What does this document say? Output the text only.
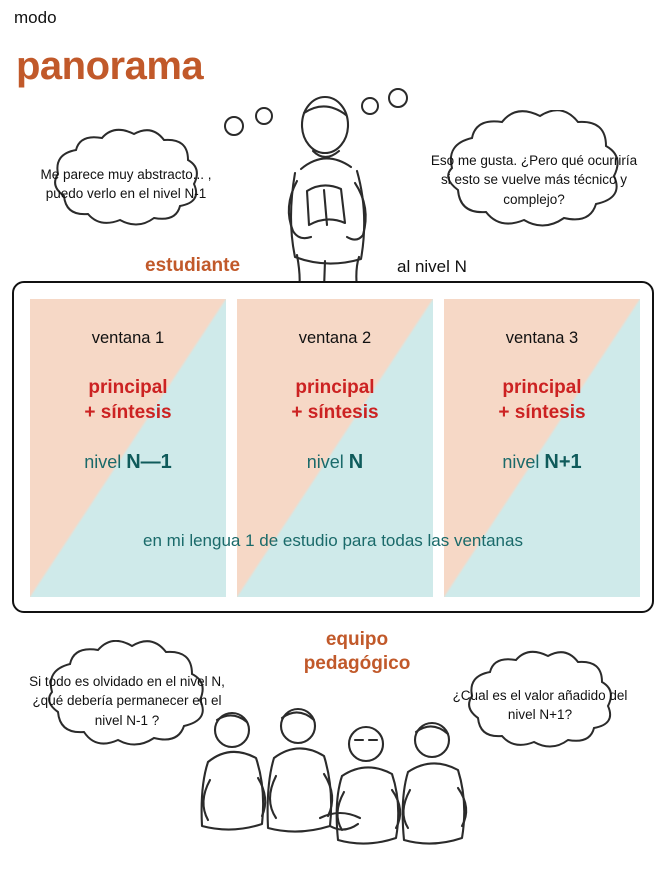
modo
panorama
Me parece muy abstracto... , puedo verlo en el nivel N-1
Eso me gusta. ¿Pero qué ocurriría si esto se vuelve más técnico y complejo?
estudiante	al nivel N
ventana 1
principal
+ síntesis
nivel N—1
ventana 2
principal
+ síntesis
nivel N
ventana 3
principal
+ síntesis
nivel N+1
en mi lengua 1 de estudio para todas las ventanas
equipo
pedagógico
Si todo es olvidado en el nivel N, ¿qué debería permanecer en el nivel N-1 ?
¿Cual es el valor añadido del nivel N+1?
